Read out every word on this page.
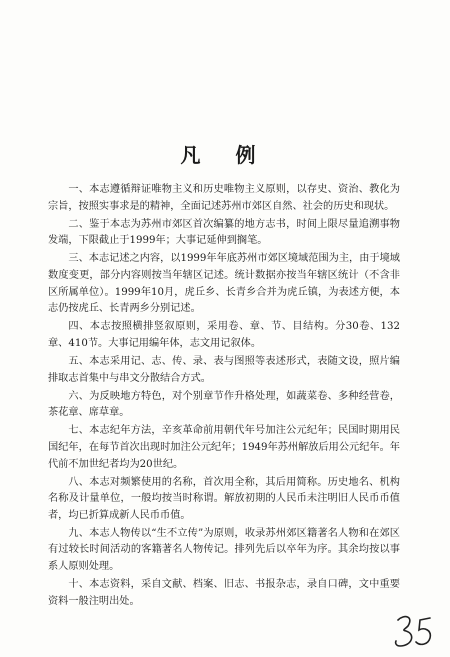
凡 例

一、本志遵循辩证唯物主义和历史唯物主义原则，以存史、资治、教化为宗旨，按照实事求是的精神，全面记述苏州市郊区自然、社会的历史和现状。

二、鉴于本志为苏州市郊区首次编纂的地方志书，时间上限尽量追溯事物发端，下限截止于1999年；大事记延伸到搁笔。

三、本志记述之内容，以1999年年底苏州市郊区境域范围为主，由于境域数度变更，部分内容则按当年辖区记述。统计数据亦按当年辖区统计（不含非区所属单位）。1999年10月，虎丘乡、长青乡合并为虎丘镇，为表述方便，本志仍按虎丘、长青两乡分别记述。

四、本志按照横排竖叙原则，采用卷、章、节、目结构。分30卷、132章、410节。大事记用编年体，志文用记叙体。

五、本志采用记、志、传、录、表与图照等表述形式，表随文设，照片编排取志首集中与串文分散结合方式。

六、为反映地方特色，对个别章节作升格处理，如蔬菜卷、多种经营卷，茶花章、席草章。

七、本志纪年方法，辛亥革命前用朝代年号加注公元纪年；民国时期用民国纪年，在每节首次出现时加注公元纪年；1949年苏州解放后用公元纪年。年代前不加世纪者均为20世纪。

八、本志对频繁使用的名称，首次用全称，其后用简称。历史地名、机构名称及计量单位，一般均按当时称谓。解放初期的人民币未注明旧人民币币值者，均已折算成新人民币币值。

九、本志人物传以“生不立传”为原则，收录苏州郊区籍著名人物和在郊区有过较长时间活动的客籍著名人物传记。排列先后以卒年为序。其余均按以事系人原则处理。

十、本志资料，采自文献、档案、旧志、书报杂志，录自口碑，文中重要资料一般注明出处。
